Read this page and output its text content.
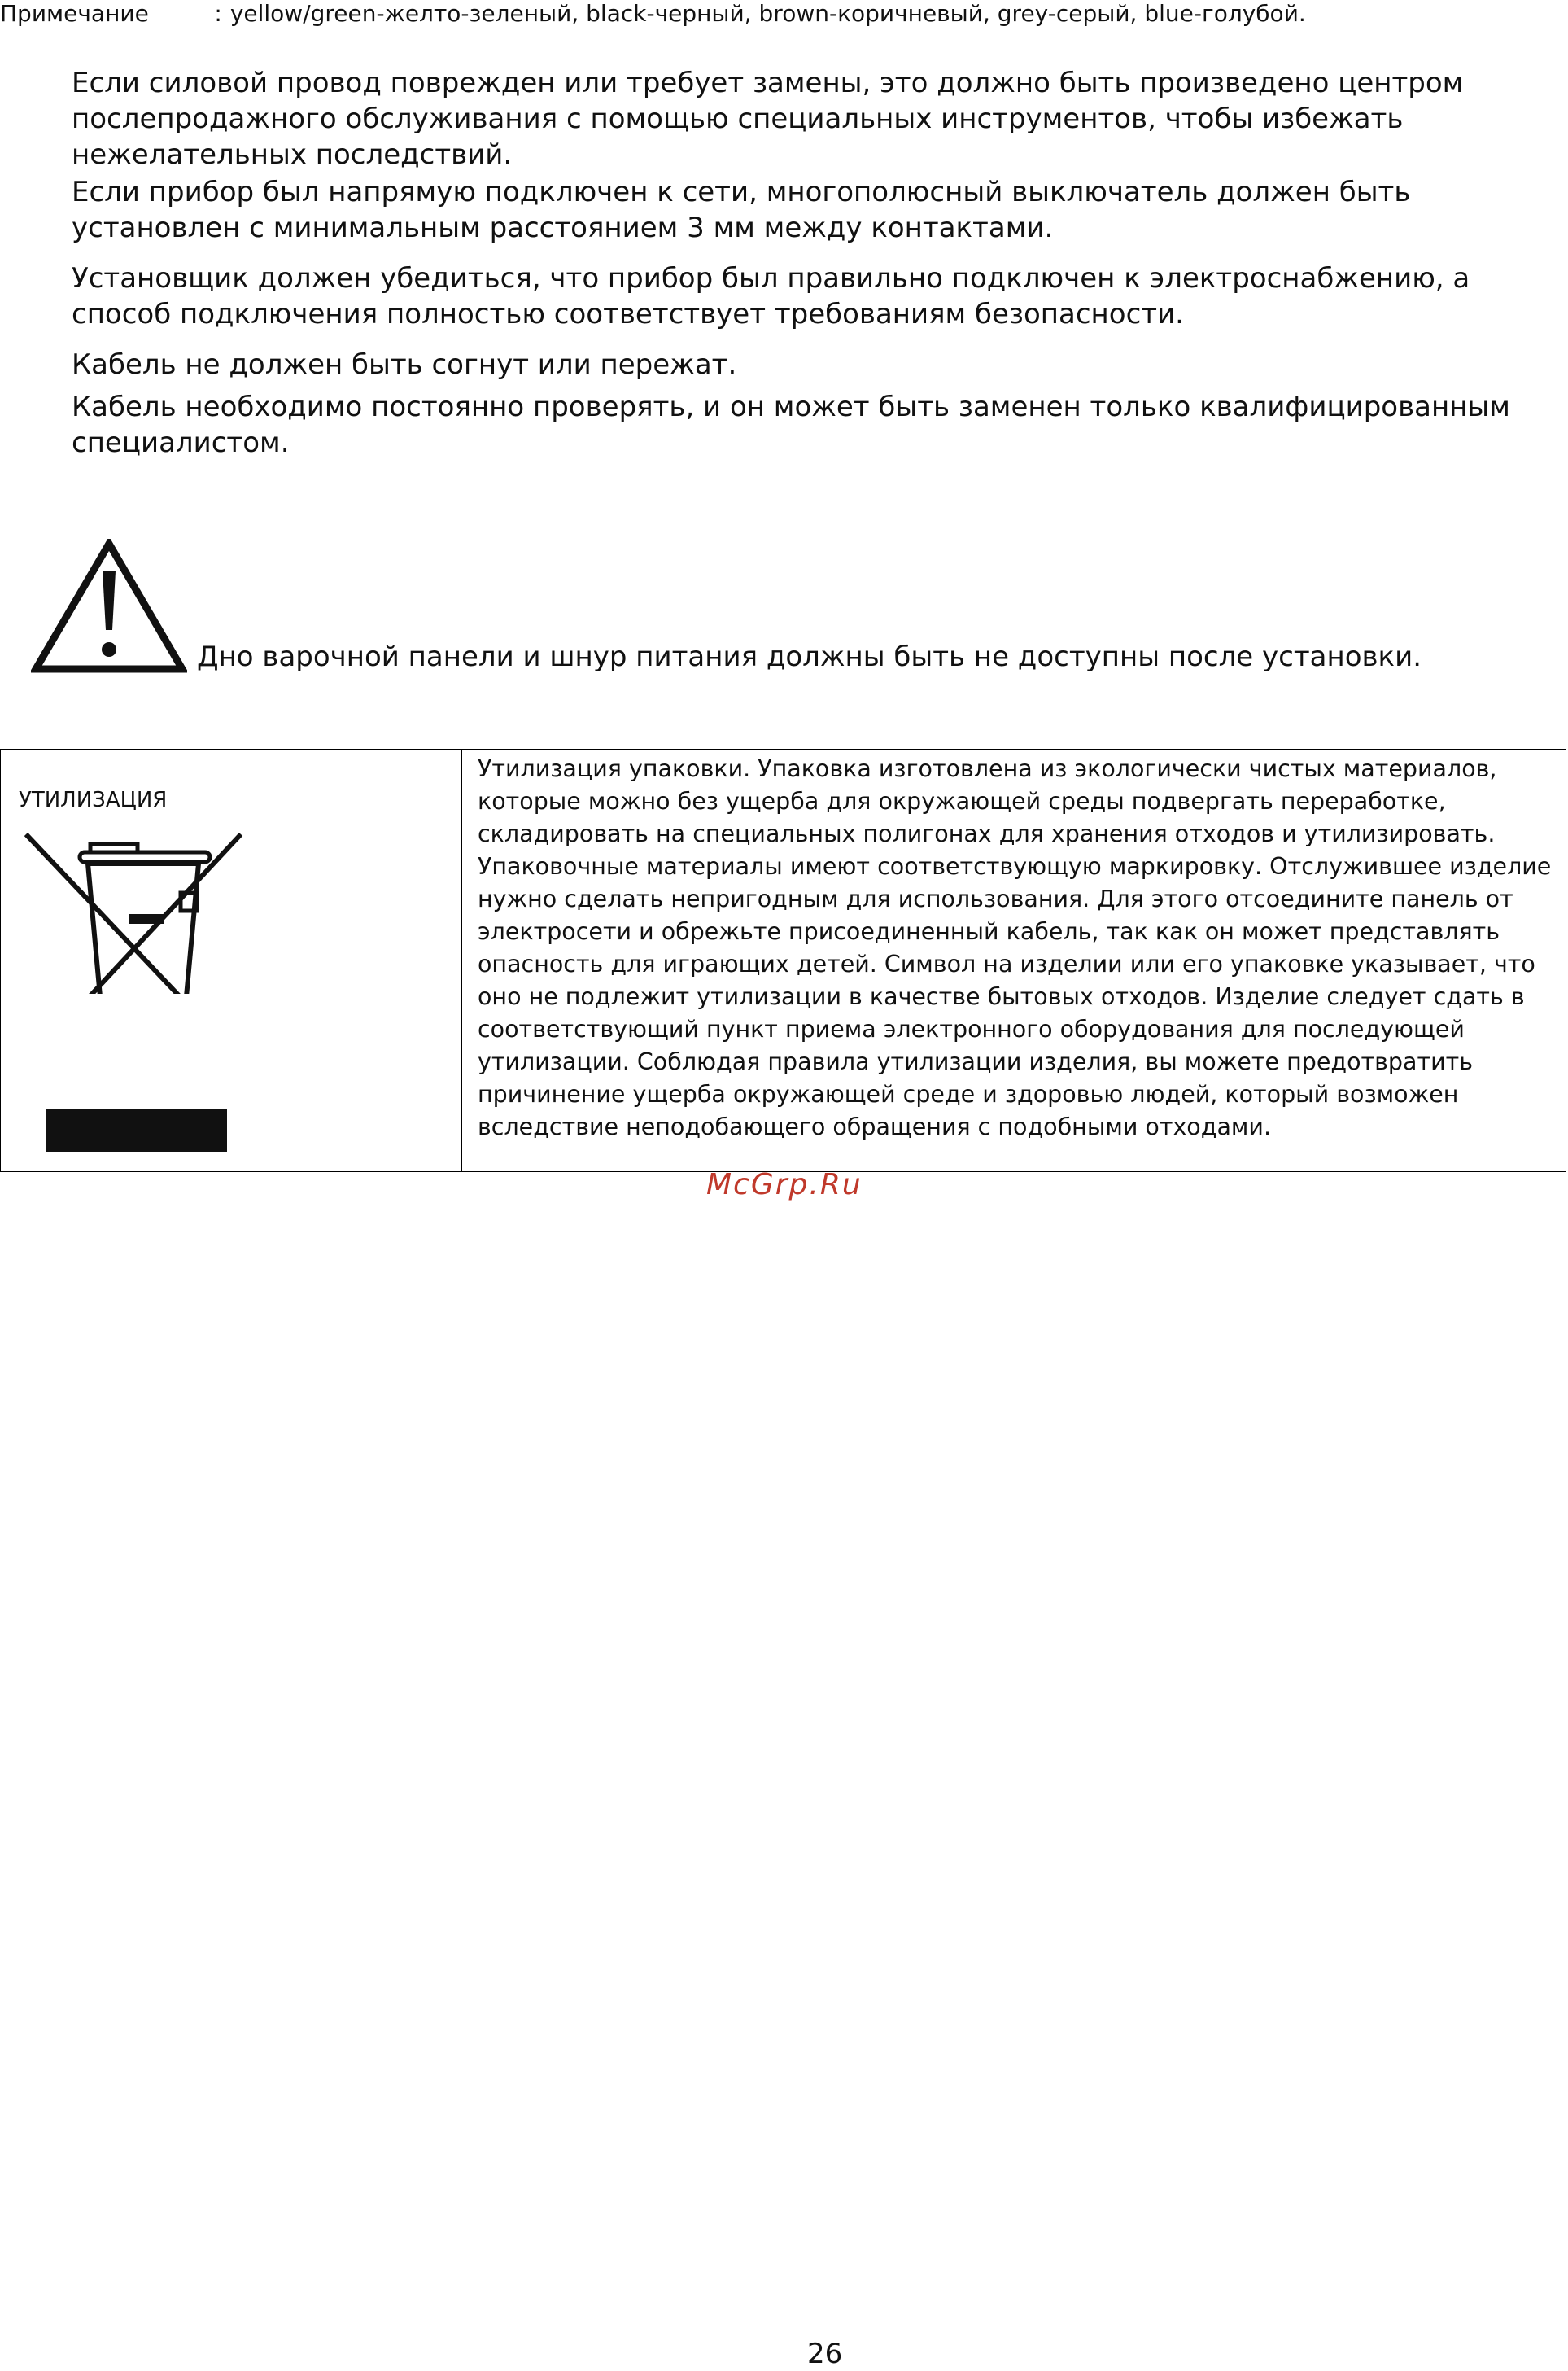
Примечание	: yellow/green-желто-зеленый, black-черный, brown-коричневый, grey-серый, blue-голубой.

Если силовой провод поврежден или требует замены, это должно быть произведено центром послепродажного обслуживания с помощью специальных инструментов, чтобы избежать нежелательных последствий.

Если прибор был напрямую подключен к сети, многополюсный выключатель должен быть установлен с минимальным расстоянием 3 мм между контактами.

Установщик должен убедиться, что прибор был правильно подключен к электроснабжению, а способ подключения полностью соответствует требованиям безопасности.

Кабель не должен быть согнут или пережат.

Кабель необходимо постоянно проверять, и он может быть заменен только квалифицированным специалистом.

Дно варочной панели и шнур питания должны быть не доступны после установки.
УТИЛИЗАЦИЯ

Утилизация упаковки. Упаковка изготовлена из экологически чистых материалов, которые можно без ущерба для окружающей среды подвергать переработке, складировать на специальных полигонах для хранения отходов и утилизировать. Упаковочные материалы имеют соответствующую маркировку. Отслужившее изделие нужно сделать непригодным для использования. Для этого отсоедините панель от электросети и обрежьте присоединенный кабель, так как он может представлять опасность для играющих детей. Символ на изделии или его упаковке указывает, что оно не подлежит утилизации в качестве бытовых отходов. Изделие следует сдать в соответствующий пункт приема электронного оборудования для последующей утилизации. Соблюдая правила утилизации изделия, вы можете предотвратить причинение ущерба окружающей среде и здоровью людей, который возможен вследствие неподобающего обращения с подобными отходами.

McGrp.Ru
26
